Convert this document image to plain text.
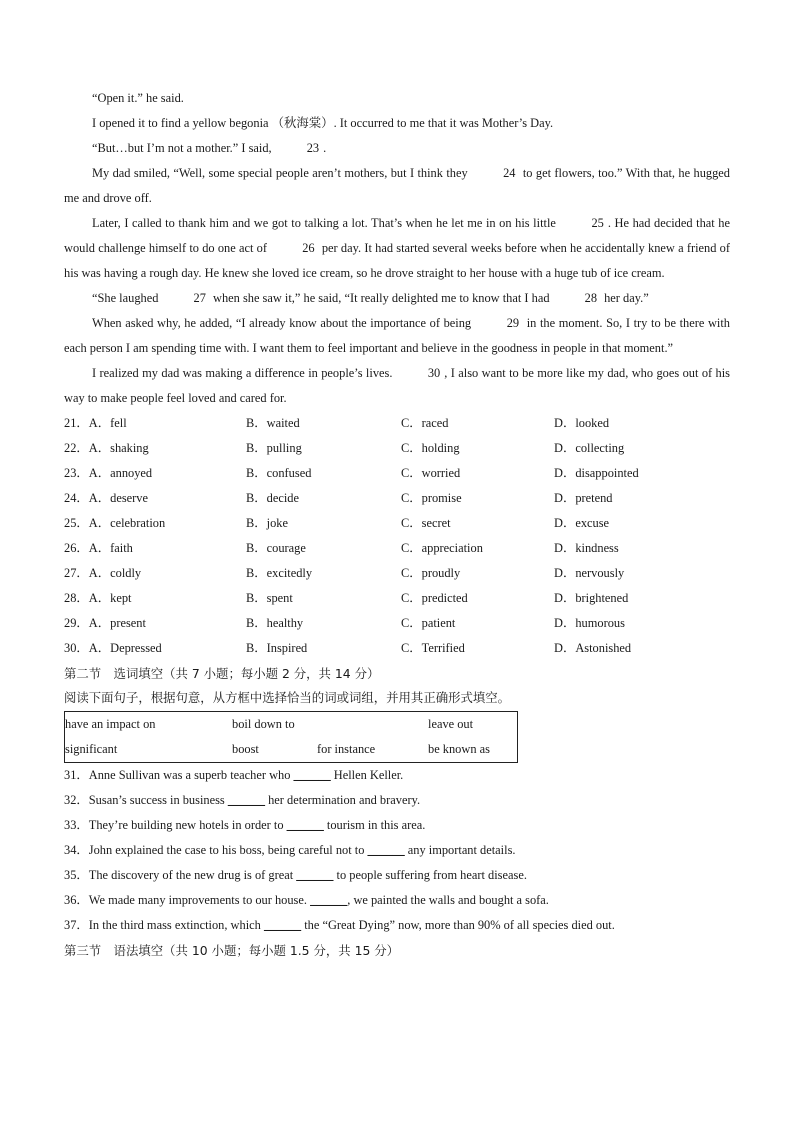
“Open it.” he said.

I opened it to find a yellow begonia （秋海棠）. It occurred to me that it was Mother’s Day.

“But…but I’m not a mother.” I said,	23 .

My dad smiled, “Well, some special people aren’t mothers, but I think they	24 to get flowers, too.” With that, he hugged me and drove off.

Later, I called to thank him and we got to talking a lot. That’s when he let me in on his little	25 . He had decided that he would challenge himself to do one act of	26 per day. It had started several weeks before when he accidentally knew a friend of his was having a rough day. He knew she loved ice cream, so he drove straight to her house with a huge tub of ice cream.

“She laughed	27 when she saw it,” he said, “It really delighted me to know that I had	28 her day.”

When asked why, he added, “I already know about the importance of being	29 in the moment. So, I try to be there with each person I am spending time with. I want them to feel important and believe in the goodness in people in that moment.”

I realized my dad was making a difference in people’s lives.	30 , I also want to be more like my dad, who goes out of his way to make people feel loved and cared for.

21．A．fell	B．waited	C．raced	D．looked
22．A．shaking	B．pulling	C．holding	D．collecting
23．A．annoyed	B．confused	C．worried	D．disappointed
24．A．deserve	B．decide	C．promise	D．pretend
25．A．celebration	B．joke	C．secret	D．excuse
26．A．faith	B．courage	C．appreciation	D．kindness
27．A．coldly	B．excitedly	C．proudly	D．nervously
28．A．kept	B．spent	C．predicted	D．brightened
29．A．present	B．healthy	C．patient	D．humorous
30．A．Depressed	B．Inspired	C．Terrified	D．Astonished
第二节　选词填空（共 7 小题；每小题 2 分，共 14 分）
阅读下面句子，根据句意，从方框中选择恰当的词或词组，并用其正确形式填空。
have an impact on	boil down to	leave out
significant	boost	for instance	be known as

31．Anne Sullivan was a superb teacher who ______ Hellen Keller.

32．Susan’s success in business ______ her determination and bravery.

33．They’re building new hotels in order to ______ tourism in this area.

34．John explained the case to his boss, being careful not to ______ any important details.

35．The discovery of the new drug is of great ______ to people suffering from heart disease.

36．We made many improvements to our house. ______, we painted the walls and bought a sofa.

37．In the third mass extinction, which ______ the “Great Dying” now, more than 90% of all species died out.

第三节　语法填空（共 10 小题；每小题 1.5 分，共 15 分）
